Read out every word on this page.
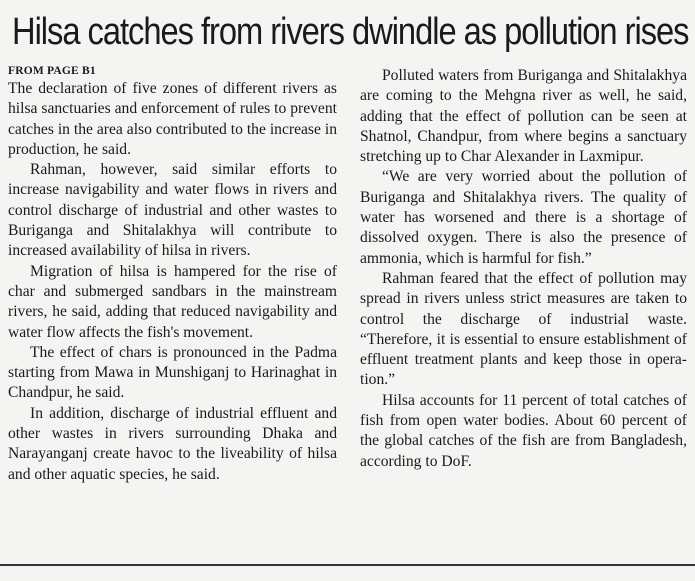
Hilsa catches from rivers dwindle as pollution rises
FROM PAGE B1

The declaration of five zones of different rivers as hilsa sanctuaries and enforcement of rules to prevent catches in the area also contributed to the increase in production, he said.

Rahman, however, said similar efforts to increase navigability and water flows in rivers and control discharge of industrial and other wastes to Buriganga and Shitalakhya will contribute to increased availability of hilsa in rivers.

Migration of hilsa is hampered for the rise of char and submerged sandbars in the mainstream rivers, he said, adding that reduced navigability and water flow affects the fish's movement.

The effect of chars is pronounced in the Padma starting from Mawa in Munshiganj to Harinaghat in Chandpur, he said.

In addition, discharge of industrial effluent and other wastes in rivers surrounding Dhaka and Narayanganj create havoc to the liveability of hilsa and other aquatic species, he said.

Polluted waters from Buriganga and Shitalakhya are coming to the Mehgna river as well, he said, adding that the effect of pollution can be seen at Shatnol, Chandpur, from where begins a sanctuary stretching up to Char Alexander in Laxmipur.

“We are very worried about the pollution of Buriganga and Shitalakhya rivers. The quality of water has worsened and there is a shortage of dissolved oxygen. There is also the presence of ammonia, which is harmful for fish.”

Rahman feared that the effect of pollution may spread in rivers unless strict measures are taken to control the discharge of industrial waste. “Therefore, it is essential to ensure establishment of effluent treatment plants and keep those in operation.”

Hilsa accounts for 11 percent of total catches of fish from open water bodies. About 60 percent of the global catches of the fish are from Bangladesh, according to DoF.
